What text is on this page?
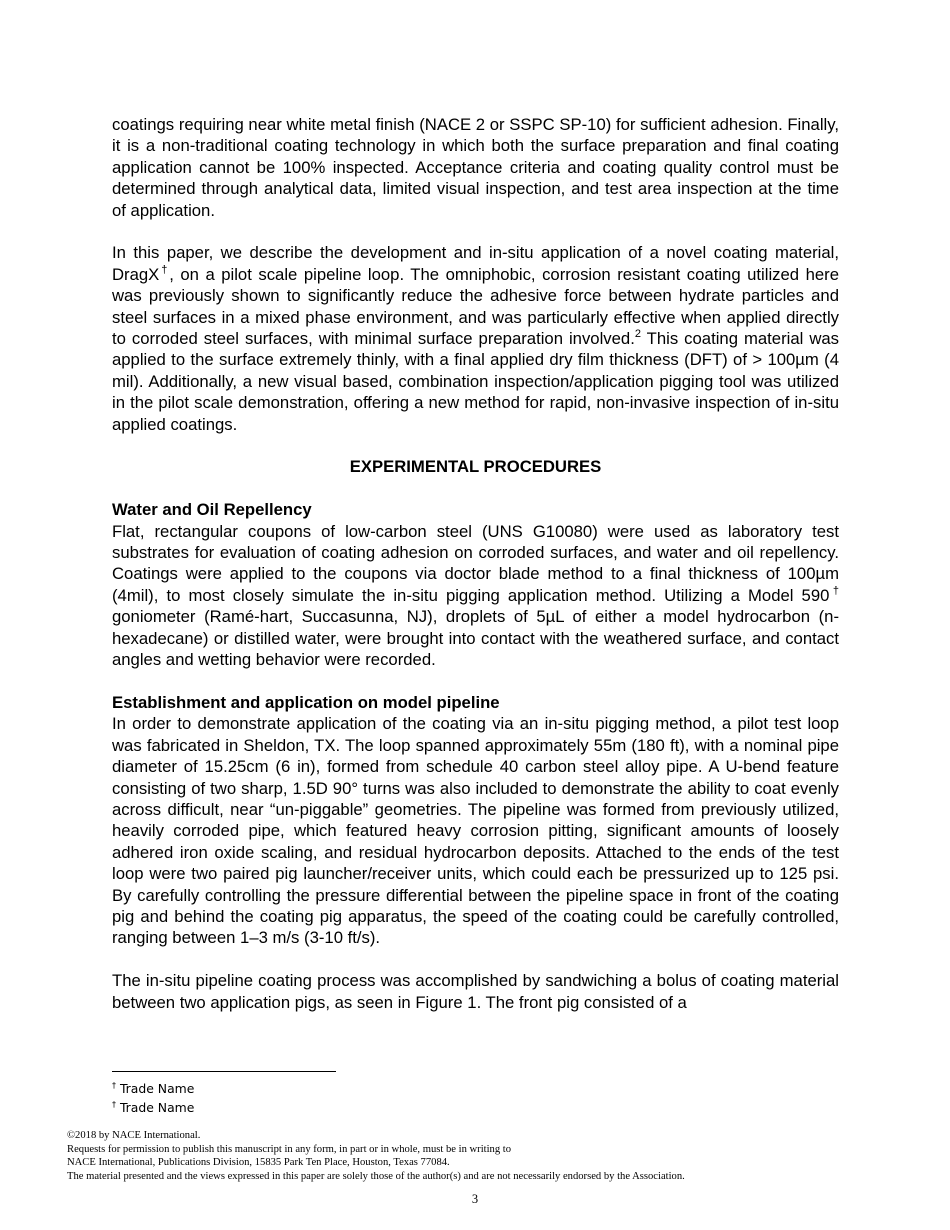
coatings requiring near white metal finish (NACE 2 or SSPC SP-10) for sufficient adhesion. Finally, it is a non-traditional coating technology in which both the surface preparation and final coating application cannot be 100% inspected. Acceptance criteria and coating quality control must be determined through analytical data, limited visual inspection, and test area inspection at the time of application.

In this paper, we describe the development and in-situ application of a novel coating material, DragX†, on a pilot scale pipeline loop. The omniphobic, corrosion resistant coating utilized here was previously shown to significantly reduce the adhesive force between hydrate particles and steel surfaces in a mixed phase environment, and was particularly effective when applied directly to corroded steel surfaces, with minimal surface preparation involved.$^2$ This coating material was applied to the surface extremely thinly, with a final applied dry film thickness (DFT) of > 100µm (4 mil). Additionally, a new visual based, combination inspection/application pigging tool was utilized in the pilot scale demonstration, offering a new method for rapid, non-invasive inspection of in-situ applied coatings.

EXPERIMENTAL PROCEDURES
Water and Oil Repellency

Flat, rectangular coupons of low-carbon steel (UNS G10080) were used as laboratory test substrates for evaluation of coating adhesion on corroded surfaces, and water and oil repellency. Coatings were applied to the coupons via doctor blade method to a final thickness of 100µm (4mil), to most closely simulate the in-situ pigging application method. Utilizing a Model 590† goniometer (Ramé-hart, Succasunna, NJ), droplets of 5µL of either a model hydrocarbon (n-hexadecane) or distilled water, were brought into contact with the weathered surface, and contact angles and wetting behavior were recorded.

Establishment and application on model pipeline

In order to demonstrate application of the coating via an in-situ pigging method, a pilot test loop was fabricated in Sheldon, TX. The loop spanned approximately 55m (180 ft), with a nominal pipe diameter of 15.25cm (6 in), formed from schedule 40 carbon steel alloy pipe. A U-bend feature consisting of two sharp, 1.5D 90° turns was also included to demonstrate the ability to coat evenly across difficult, near “un-piggable” geometries. The pipeline was formed from previously utilized, heavily corroded pipe, which featured heavy corrosion pitting, significant amounts of loosely adhered iron oxide scaling, and residual hydrocarbon deposits. Attached to the ends of the test loop were two paired pig launcher/receiver units, which could each be pressurized up to 125 psi. By carefully controlling the pressure differential between the pipeline space in front of the coating pig and behind the coating pig apparatus, the speed of the coating could be carefully controlled, ranging between 1–3 m/s (3-10 ft/s).

The in-situ pipeline coating process was accomplished by sandwiching a bolus of coating material between two application pigs, as seen in Figure 1. The front pig consisted of a

† Trade Name
† Trade Name
©2018 by NACE International.
Requests for permission to publish this manuscript in any form, in part or in whole, must be in writing to
NACE International, Publications Division, 15835 Park Ten Place, Houston, Texas 77084.
The material presented and the views expressed in this paper are solely those of the author(s) and are not necessarily endorsed by the Association.
3
